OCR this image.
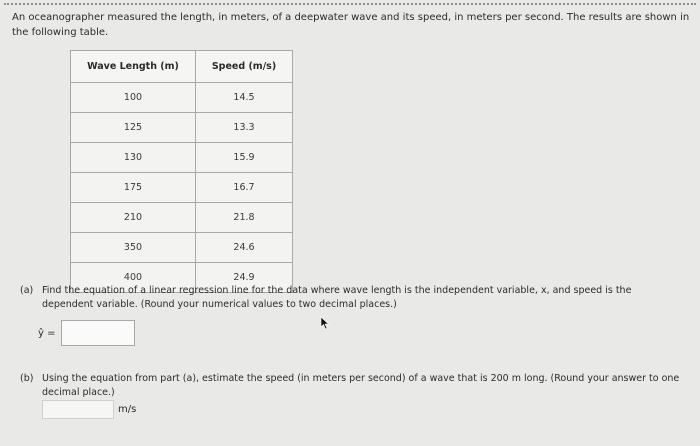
An oceanographer measured the length, in meters, of a deepwater wave and its speed, in meters per second. The results are shown in the following table.
Wave Length (m)	Speed (m/s)
100	14.5
125	13.3
130	15.9
175	16.7
210	21.8
350	24.6
400	24.9
(a) Find the equation of a linear regression line for the data where wave length is the independent variable, x, and speed is the dependent variable. (Round your numerical values to two decimal places.)
ŷ =
(b) Using the equation from part (a), estimate the speed (in meters per second) of a wave that is 200 m long. (Round your answer to one decimal place.)
m/s
